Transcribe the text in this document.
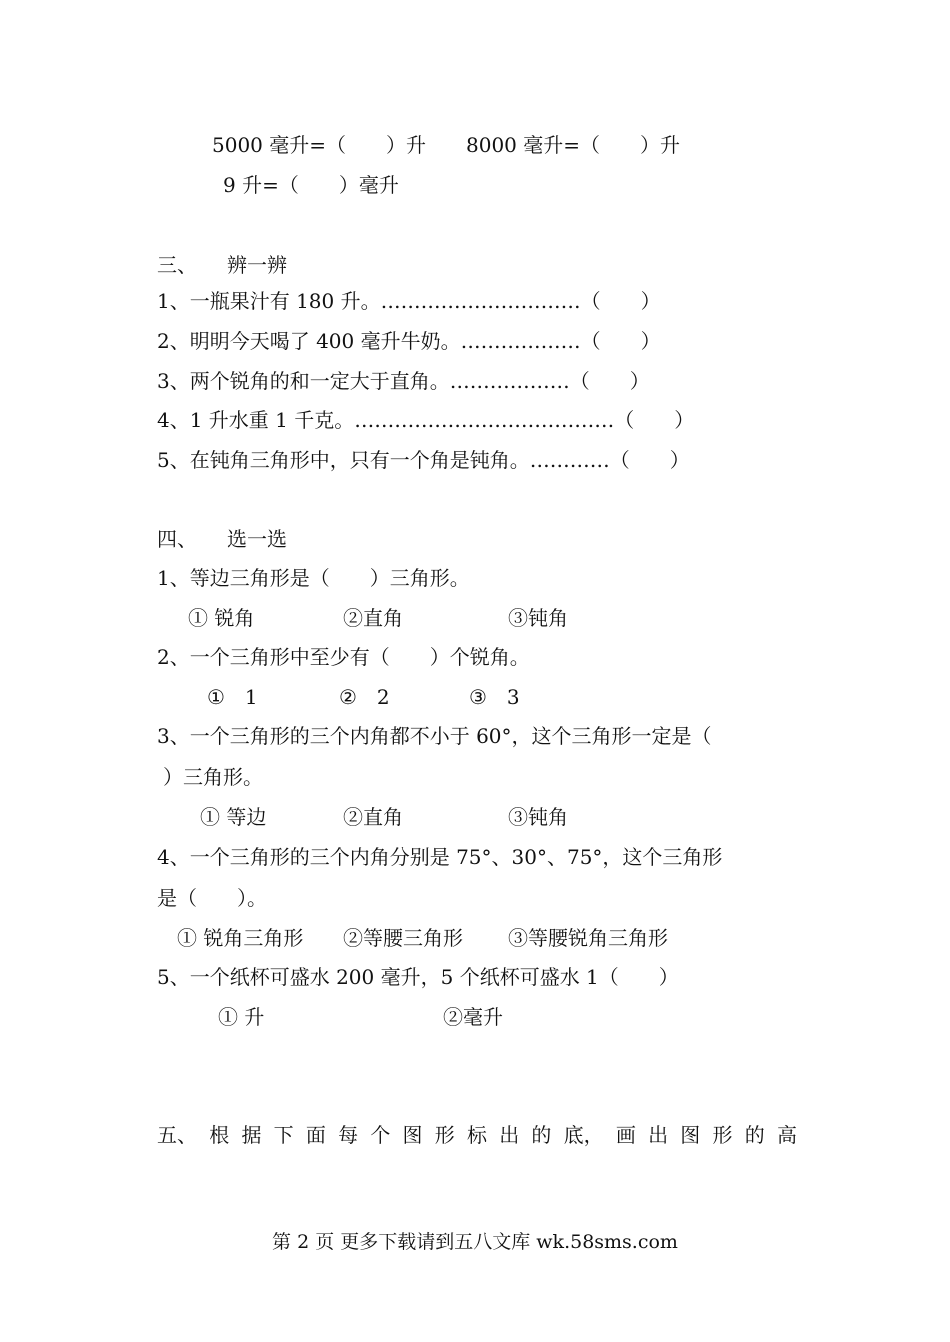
5000 毫升=（　　）升　　8000 毫升=（　　）升
9 升=（　　）毫升
三、　　辨一辨
1、一瓶果汁有 180 升。…………………………（　　）
2、明明今天喝了 400 毫升牛奶。………………（　　）
3、两个锐角的和一定大于直角。………………（　　）
4、1 升水重 1 千克。…………………………………（　　）
5、在钝角三角形中，只有一个角是钝角。…………（　　）
四、　　选一选
1、等边三角形是（　　）三角形。
① 锐角	②直角	③钝角
2、一个三角形中至少有（　　）个锐角。
①　1	②　2	③　3
3、一个三角形的三个内角都不小于 60°，这个三角形一定是（
）三角形。
① 等边	②直角	③钝角
4、一个三角形的三个内角分别是 75°、30°、75°，这个三角形
是（　　）。
① 锐角三角形 ②等腰三角形 ③等腰锐角三角形
5、一个纸杯可盛水 200 毫升，5 个纸杯可盛水 1（　　）
① 升	②毫升
五、 根 据 下 面 每 个 图 形 标 出 的 底， 画 出 图 形 的 高
第 2 页 更多下载请到五八文库 wk.58sms.com
